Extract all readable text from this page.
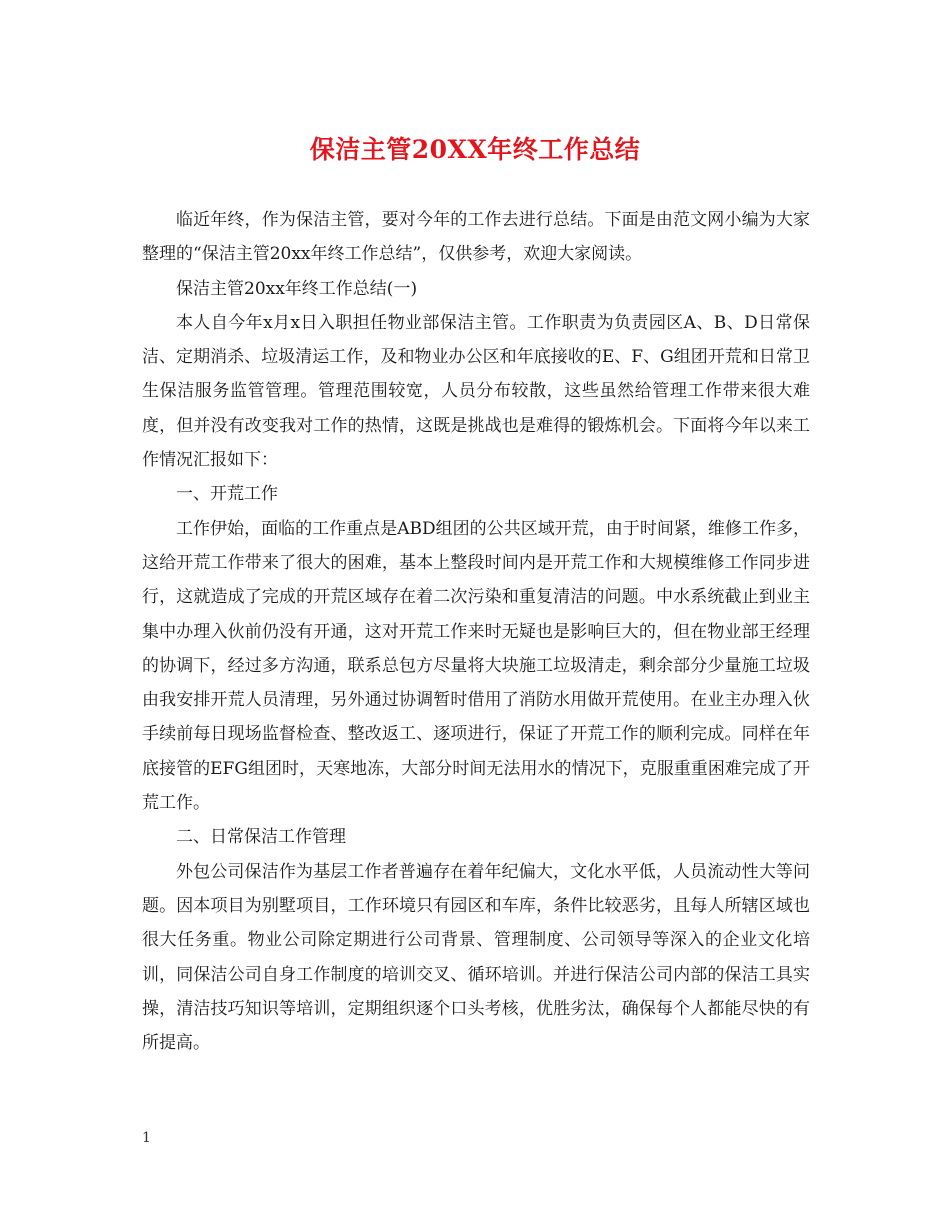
保洁主管20XX年终工作总结

临近年终，作为保洁主管，要对今年的工作去进行总结。下面是由范文网小编为大家整理的“保洁主管20xx年终工作总结”，仅供参考，欢迎大家阅读。

保洁主管20xx年终工作总结(一)

本人自今年x月x日入职担任物业部保洁主管。工作职责为负责园区A、B、D日常保洁、定期消杀、垃圾清运工作，及和物业办公区和年底接收的E、F、G组团开荒和日常卫生保洁服务监管管理。管理范围较宽，人员分布较散，这些虽然给管理工作带来很大难度，但并没有改变我对工作的热情，这既是挑战也是难得的锻炼机会。下面将今年以来工作情况汇报如下：

一、开荒工作

工作伊始，面临的工作重点是ABD组团的公共区域开荒，由于时间紧，维修工作多，这给开荒工作带来了很大的困难，基本上整段时间内是开荒工作和大规模维修工作同步进行，这就造成了完成的开荒区域存在着二次污染和重复清洁的问题。中水系统截止到业主集中办理入伙前仍没有开通，这对开荒工作来时无疑也是影响巨大的，但在物业部王经理的协调下，经过多方沟通，联系总包方尽量将大块施工垃圾清走，剩余部分少量施工垃圾由我安排开荒人员清理，另外通过协调暂时借用了消防水用做开荒使用。在业主办理入伙手续前每日现场监督检查、整改返工、逐项进行，保证了开荒工作的顺利完成。同样在年底接管的EFG组团时，天寒地冻，大部分时间无法用水的情况下，克服重重困难完成了开荒工作。

二、日常保洁工作管理

外包公司保洁作为基层工作者普遍存在着年纪偏大，文化水平低，人员流动性大等问题。因本项目为别墅项目，工作环境只有园区和车库，条件比较恶劣，且每人所辖区域也很大任务重。物业公司除定期进行公司背景、管理制度、公司领导等深入的企业文化培训，同保洁公司自身工作制度的培训交叉、循环培训。并进行保洁公司内部的保洁工具实操，清洁技巧知识等培训，定期组织逐个口头考核，优胜劣汰，确保每个人都能尽快的有所提高。

1
